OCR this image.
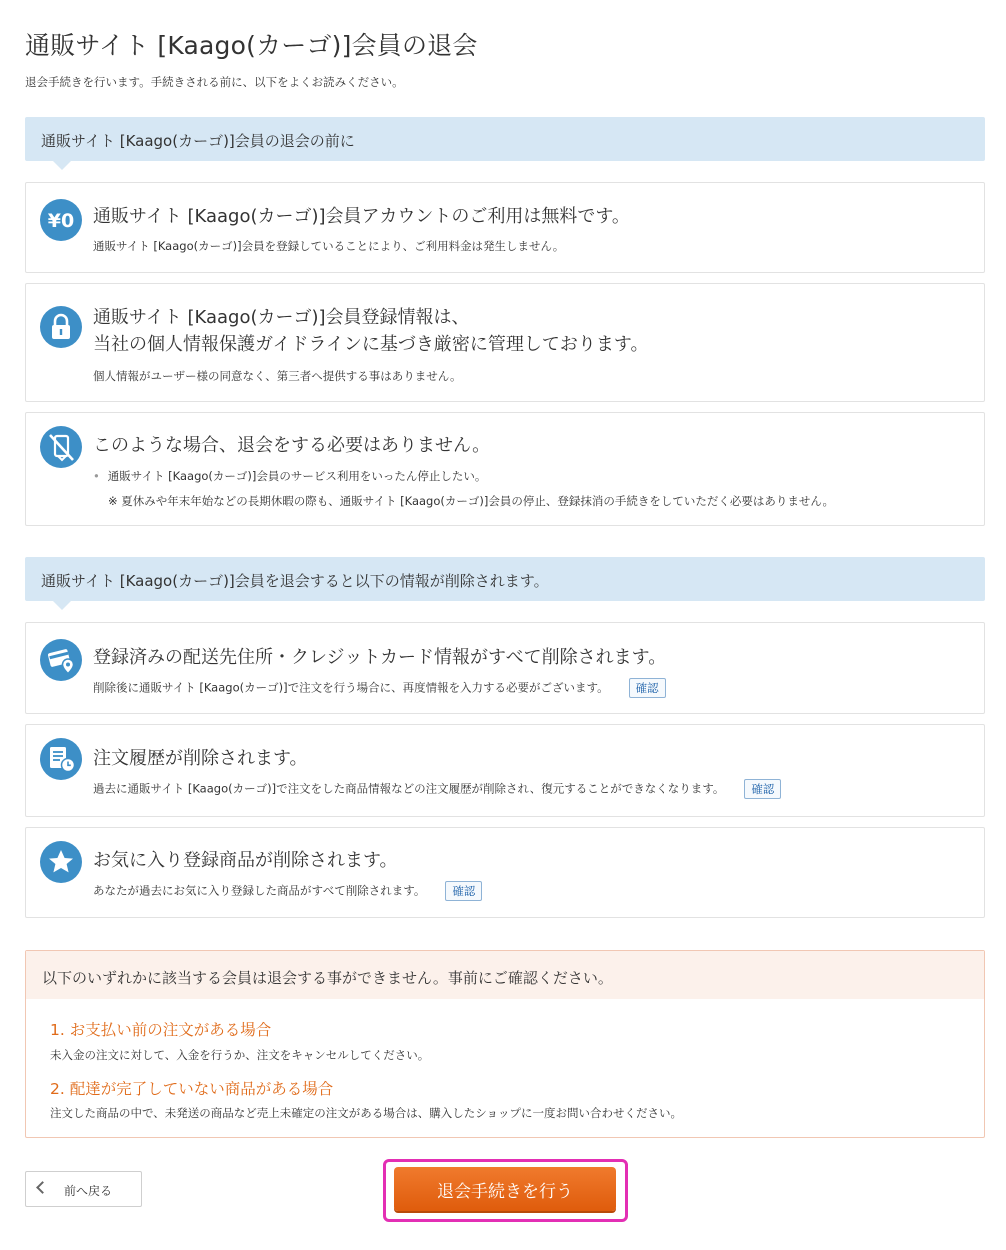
通販サイト [Kaago(カーゴ)]会員の退会

退会手続きを行います。手続きされる前に、以下をよくお読みください。

通販サイト [Kaago(カーゴ)]会員の退会の前に
¥0 通販サイト [Kaago(カーゴ)]会員アカウントのご利用は無料です。
通販サイト [Kaago(カーゴ)]会員を登録していることにより、ご利用料金は発生しません。
通販サイト [Kaago(カーゴ)]会員登録情報は、
当社の個人情報保護ガイドラインに基づき厳密に管理しております。
個人情報がユーザー様の同意なく、第三者へ提供する事はありません。
このような場合、退会をする必要はありません。
• 通販サイト [Kaago(カーゴ)]会員のサービス利用をいったん停止したい。
※ 夏休みや年末年始などの長期休暇の際も、通販サイト [Kaago(カーゴ)]会員の停止、登録抹消の手続きをしていただく必要はありません。
通販サイト [Kaago(カーゴ)]会員を退会すると以下の情報が削除されます。
登録済みの配送先住所・クレジットカード情報がすべて削除されます。
削除後に通販サイト [Kaago(カーゴ)]で注文を行う場合に、再度情報を入力する必要がございます。 確認
注文履歴が削除されます。
過去に通販サイト [Kaago(カーゴ)]で注文をした商品情報などの注文履歴が削除され、復元することができなくなります。 確認
お気に入り登録商品が削除されます。
あなたが過去にお気に入り登録した商品がすべて削除されます。 確認
以下のいずれかに該当する会員は退会する事ができません。事前にご確認ください。
1. お支払い前の注文がある場合
未入金の注文に対して、入金を行うか、注文をキャンセルしてください。
2. 配達が完了していない商品がある場合
注文した商品の中で、未発送の商品など売上未確定の注文がある場合は、購入したショップに一度お問い合わせください。
前へ戻る	退会手続きを行う
